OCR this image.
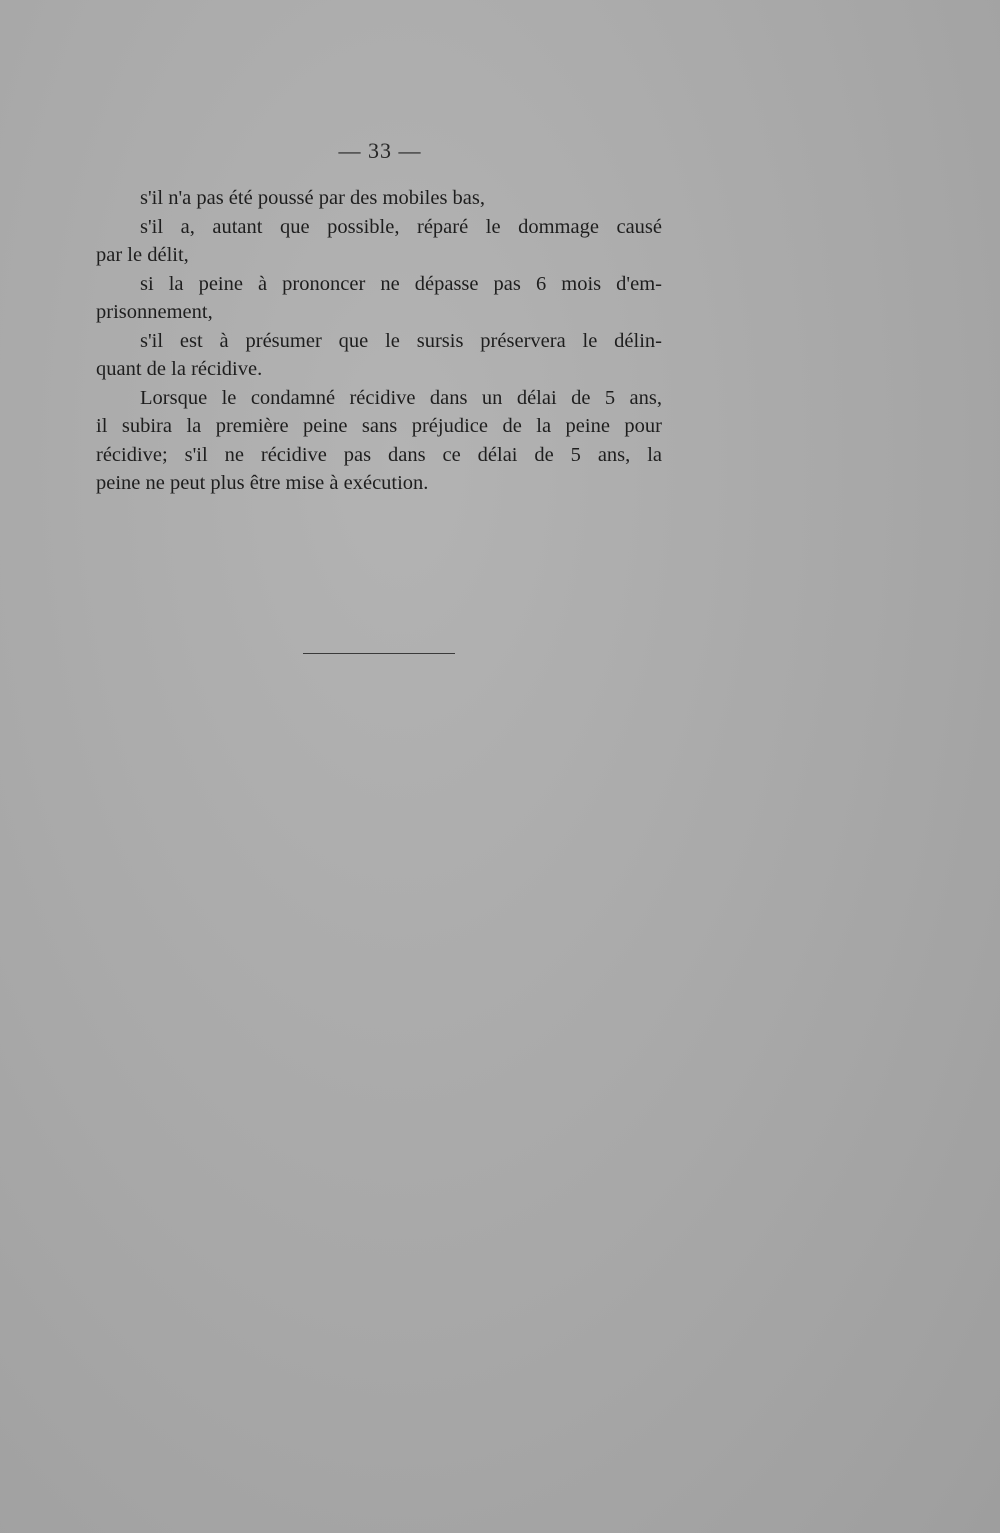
— 33 —
s'il n'a pas été poussé par des mobiles bas,
s'il a, autant que possible, réparé le dommage causé
par le délit,
si la peine à prononcer ne dépasse pas 6 mois d'em-
prisonnement,
s'il est à présumer que le sursis préservera le délin-
quant de la récidive.
Lorsque le condamné récidive dans un délai de 5 ans,
il subira la première peine sans préjudice de la peine pour
récidive; s'il ne récidive pas dans ce délai de 5 ans, la
peine ne peut plus être mise à exécution.
